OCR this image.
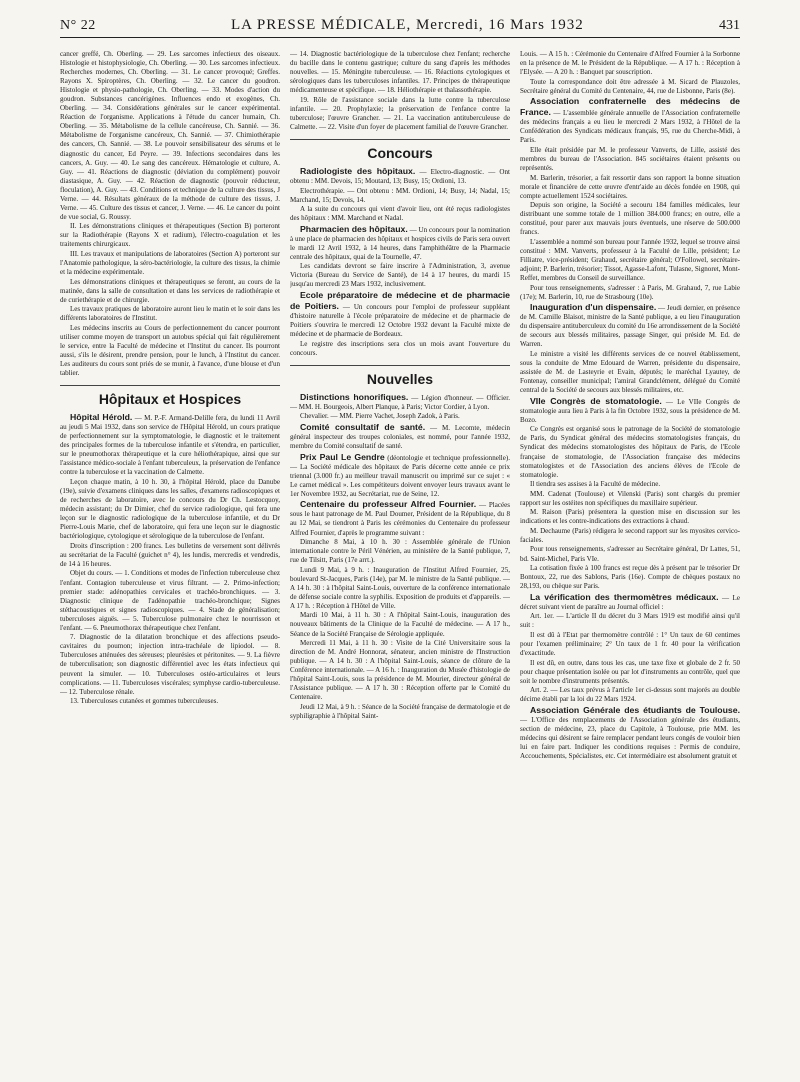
N° 22	LA PRESSE MÉDICALE, Mercredi, 16 Mars 1932	431

cancer greffé, Ch. Oberling. — 29. Les sarcomes infectieux des oiseaux. Histologie et histophysiologie, Ch. Oberling. — 30. Les sarcomes infectieux. Recherches modernes, Ch. Oberling. — 31. Le cancer provoqué; Greffes. Rayons X. Spiroptères, Ch. Oberling. — 32. Le cancer du goudron. Histologie et physio-pathologie, Ch. Oberling. — 33. Modes d'action du goudron. Substances cancérigènes. Influences endo et exogènes, Ch. Oberling. — 34. Considérations générales sur le cancer expérimental. Réaction de l'organisme. Applications à l'étude du cancer humain, Ch. Oberling. — 35. Métabolisme de la cellule cancéreuse, Ch. Sannié. — 36. Métabolisme de l'organisme cancéreux, Ch. Sannié. — 37. Chimiothérapie des cancers, Ch. Sannié. — 38. Le pouvoir sensibilisateur des sérums et le diagnostic du cancer, Ed Peyre. — 39. Infections secondaires dans les cancers, A. Guy. — 40. Le sang des cancéreux. Hématologie et culture, A. Guy. — 41. Réactions de diagnostic (déviation du complément) pouvoir diastasique, A. Guy. — 42. Réaction de diagnostic (pouvoir réducteur, floculation), A. Guy. — 43. Conditions et technique de la culture des tissus, J Verne. — 44. Résultats généraux de la méthode de culture des tissus, J. Verne. — 45. Culture des tissus et cancer, J. Verne. — 46. Le cancer du point de vue social, G. Roussy.

II. Les démonstrations cliniques et thérapeutiques (Section B) porteront sur la Radiothérapie (Rayons X et radium), l'électro-coagulation et les traitements chirurgicaux.

III. Les travaux et manipulations de laboratoires (Section A) porteront sur l'Anatomie pathologique, la séro-bactériologie, la culture des tissus, la chimie et la médecine expérimentale.

Les démonstrations cliniques et thérapeutiques se feront, au cours de la matinée, dans la salle de consultation et dans les services de radiothérapie et de curiethérapie et de chirurgie.

Les travaux pratiques de laboratoire auront lieu le matin et le soir dans les différents laboratoires de l'Institut.

Les médecins inscrits au Cours de perfectionnement du cancer pourront utiliser comme moyen de transport un autobus spécial qui fait régulièrement le service, entre la Faculté de médecine et l'Institut du cancer. Ils pourront aussi, s'ils le désirent, prendre pension, pour le lunch, à l'Institut du cancer. Les auditeurs du cours sont priés de se munir, à l'avance, d'une blouse et d'un tablier.

Hôpitaux et Hospices

Hôpital Hérold. — M. P.-F. Armand-Delille fera, du lundi 11 Avril au jeudi 5 Mai 1932, dans son service de l'Hôpital Hérold, un cours pratique de perfectionnement sur la symptomatologie, le diagnostic et le traitement des principales formes de la tuberculose infantile et s'étendra, en particulier, sur le pneumothorax thérapeutique et la cure héliothérapique, ainsi que sur l'assistance médico-sociale à l'enfant tuberculeux, la préservation de l'enfance contre la tuberculose et la vaccination de Calmette.

Leçon chaque matin, à 10 h. 30, à l'hôpital Hérold, place du Danube (19e), suivie d'examens cliniques dans les salles, d'examens radioscopiques et de recherches de laboratoire, avec le concours du Dr Ch. Lestocquoy, médecin assistant; du Dr Dimier, chef du service radiologique, qui fera une leçon sur le diagnostic radiologique de la tuberculose infantile, et du Dr Pierre-Louis Marie, chef de laboratoire, qui fera une leçon sur le diagnostic bactériologique, cytologique et sérologique de la tuberculose de l'enfant.

Droits d'inscription : 200 francs. Les bulletins de versement sont délivrés au secrétariat de la Faculté (guichet n° 4), les lundis, mercredis et vendredis, de 14 à 16 heures.

Objet du cours. — 1. Conditions et modes de l'infection tuberculeuse chez l'enfant. Contagion tuberculeuse et virus filtrant. — 2. Primo-infection; premier stade: adénopathies cervicales et trachéo-bronchiques. — 3. Diagnostic clinique de l'adénopathie trachéo-bronchique; Signes stéthacoustiques et signes radioscopiques. — 4. Stade de généralisation; tuberculoses aiguës. — 5. Tuberculose pulmonaire chez le nourrisson et l'enfant. — 6. Pneumothorax thérapeutique chez l'enfant.

7. Diagnostic de la dilatation bronchique et des affections pseudo-cavitaires du poumon; injection intra-trachéale de lipiodol. — 8. Tuberculoses atténuées des séreuses; pleurésies et péritonites. — 9. La fièvre de tuberculisation; son diagnostic différentiel avec les états infectieux qui peuvent la simuler. — 10. Tuberculoses ostéo-articulaires et leurs complications. — 11. Tuberculoses viscérales; symphyse cardio-tuberculeuse. — 12. Tuberculose rénale.

13. Tuberculoses cutanées et gommes tuberculeuses.

— 14. Diagnostic bactériologique de la tuberculose chez l'enfant; recherche du bacille dans le contenu gastrique; culture du sang d'après les méthodes nouvelles. — 15. Méningite tuberculeuse. — 16. Réactions cytologiques et sérologiques dans les tuberculoses infantiles. 17. Principes de thérapeutique médicamenteuse et spécifique. — 18. Héliothérapie et thalassothérapie.

19. Rôle de l'assistance sociale dans la lutte contre la tuberculose infantile. — 20. Prophylaxie; la préservation de l'enfance contre la tuberculose; l'œuvre Grancher. — 21. La vaccination antituberculeuse de Calmette. — 22. Visite d'un foyer de placement familial de l'œuvre Grancher.

Concours

Radiologiste des hôpitaux. — Electro-diagnostic. — Ont obtenu : MM. Devois, 15; Moutard, 13; Busy, 15; Ordioni, 13.

Electrothérapie. — Ont obtenu : MM. Ordioni, 14; Busy, 14; Nadal, 15; Marchand, 15; Devois, 14.

A la suite du concours qui vient d'avoir lieu, ont été reçus radiologistes des hôpitaux : MM. Marchand et Nadal.

Pharmacien des hôpitaux. — Un concours pour la nomination à une place de pharmacien des hôpitaux et hospices civils de Paris sera ouvert le mardi 12 Avril 1932, à 14 heures, dans l'amphithéâtre de la Pharmacie centrale des hôpitaux, quai de la Tournelle, 47.

Les candidats devront se faire inscrire à l'Administration, 3, avenue Victoria (Bureau du Service de Santé), de 14 à 17 heures, du mardi 15 jusqu'au mercredi 23 Mars 1932, inclusivement.

Ecole préparatoire de médecine et de pharmacie de Poitiers. — Un concours pour l'emploi de professeur suppléant d'histoire naturelle à l'école préparatoire de médecine et de pharmacie de Poitiers s'ouvrira le mercredi 12 Octobre 1932 devant la Faculté mixte de médecine et de pharmacie de Bordeaux.

Le registre des inscriptions sera clos un mois avant l'ouverture du concours.

Nouvelles

Distinctions honorifiques. — Légion d'honneur. — Officier. — MM. H. Bourgeois, Albert Planque, à Paris; Victor Cordier, à Lyon.

Chevalier. — MM. Pierre Vachet, Joseph Zadok, à Paris.

Comité consultatif de santé. — M. Lecomte, médecin général inspecteur des troupes coloniales, est nommé, pour l'année 1932, membre du Comité consultatif de santé.

Prix Paul Le Gendre (déontologie et technique professionnelle). — La Société médicale des hôpitaux de Paris décerne cette année ce prix triennal (3.000 fr.) au meilleur travail manuscrit ou imprimé sur ce sujet : « Le carnet médical ». Les compétiteurs doivent envoyer leurs travaux avant le 1er Novembre 1932, au Secrétariat, rue de Seine, 12.

Centenaire du professeur Alfred Fournier. — Placées sous le haut patronage de M. Paul Doumer, Président de la République, du 8 au 12 Mai, se tiendront à Paris les cérémonies du Centenaire du professeur Alfred Fournier, d'après le programme suivant :

Dimanche 8 Mai, à 10 h. 30 : Assemblée générale de l'Union internationale contre le Péril Vénérien, au ministère de la Santé publique, 7, rue de Tilsitt, Paris (17e arrt.).

Lundi 9 Mai, à 9 h. : Inauguration de l'Institut Alfred Fournier, 25, boulevard St-Jacques, Paris (14e), par M. le ministre de la Santé publique. — A 14 h. 30 : à l'hôpital Saint-Louis, ouverture de la conférence internationale de défense sociale contre la syphilis. Exposition de produits et d'appareils. — A 17 h. : Réception à l'Hôtel de Ville.

Mardi 10 Mai, à 11 h. 30 : A l'hôpital Saint-Louis, inauguration des nouveaux bâtiments de la Clinique de la Faculté de médecine. — A 17 h., Séance de la Société Française de Sérologie appliquée.

Mercredi 11 Mai, à 11 h. 30 : Visite de la Cité Universitaire sous la direction de M. André Honnorat, sénateur, ancien ministre de l'Instruction publique. — A 14 h. 30 : A l'hôpital Saint-Louis, séance de clôture de la Conférence internationale. — A 16 h. : Inauguration du Musée d'histologie de l'hôpital Saint-Louis, sous la présidence de M. Mourier, directeur général de l'Assistance publique. — A 17 h. 30 : Réception offerte par le Comité du Centenaire.

Jeudi 12 Mai, à 9 h. : Séance de la Société française de dermatologie et de syphiligraphie à l'hôpital Saint-

Louis. — A 15 h. : Cérémonie du Centenaire d'Alfred Fournier à la Sorbonne en la présence de M. le Président de la République. — A 17 h. : Réception à l'Elysée. — A 20 h. : Banquet par souscription.

Toute la correspondance doit être adressée à M. Sicard de Plauzoles, Secrétaire général du Comité du Centenaire, 44, rue de Lisbonne, Paris (8e).

Association confraternelle des médecins de France. — L'assemblée générale annuelle de l'Association confraternelle des médecins français a eu lieu le mercredi 2 Mars 1932, à l'Hôtel de la Confédération des Syndicats médicaux français, 95, rue du Cherche-Midi, à Paris.

Elle était présidée par M. le professeur Vanverts, de Lille, assisté des membres du bureau de l'Association. 845 sociétaires étaient présents ou représentés.

M. Barlerin, trésorier, a fait ressortir dans son rapport la bonne situation morale et financière de cette œuvre d'entr'aide au décès fondée en 1908, qui compte actuellement 1524 sociétaires.

Depuis son origine, la Société a secouru 184 familles médicales, leur distribuant une somme totale de 1 million 384.000 francs; en outre, elle a constitué, pour parer aux mauvais jours éventuels, une réserve de 500.000 francs.

L'assemblée a nommé son bureau pour l'année 1932, lequel se trouve ainsi constitué : MM. Vanverts, professeur à la Faculté de Lille, président; Le Filliatre, vice-président; Grahaud, secrétaire général; O'Followel, secrétaire-adjoint; P. Barlerin, trésorier; Tissot, Agasse-Lafont, Tulasne, Signoret, Mont-Reffet, membres du Conseil de surveillance.

Pour tous renseignements, s'adresser : à Paris, M. Grahaud, 7, rue Labie (17e); M. Barlerin, 10, rue de Strasbourg (10e).

Inauguration d'un dispensaire. — Jeudi dernier, en présence de M. Camille Blaisot, ministre de la Santé publique, a eu lieu l'inauguration du dispensaire antituberculeux du comité du 16e arrondissement de la Société de secours aux blessés militaires, passage Singer, qui préside M. Ed. de Warren.

Le ministre a visité les différents services de ce nouvel établissement, sous la conduite de Mme Edouard de Warren, présidente du dispensaire, assistée de M. de Lasteyrie et Evain, députés; le maréchal Lyautey, de Fontenay, conseiller municipal; l'amiral Grandclément, délégué du Comité central de la Société de secours aux blessés militaires, etc.

VIIe Congrès de stomatologie. — Le VIIe Congrès de stomatologie aura lieu à Paris à la fin Octobre 1932, sous la présidence de M. Bozo.

Ce Congrès est organisé sous le patronage de la Société de stomatologie de Paris, du Syndicat général des médecins stomatologistes français, du Syndicat des médecins stomatologistes des hôpitaux de Paris, de l'Ecole française de stomatologie, de l'Association française des médecins stomatologistes et de l'Association des anciens élèves de l'Ecole de stomatologie.

Il tiendra ses assises à la Faculté de médecine.

MM. Cadenat (Toulouse) et Vilenski (Paris) sont chargés du premier rapport sur les ostéites non spécifiques du maxillaire supérieur.

M. Raison (Paris) présentera la question mise en discussion sur les indications et les contre-indications des extractions à chaud.

M. Dechaume (Paris) rédigera le second rapport sur les myosites cervico-faciales.

Pour tous renseignements, s'adresser au Secrétaire général, Dr Lattes, 51, bd. Saint-Michel, Paris VIe.

La cotisation fixée à 100 francs est reçue dès à présent par le trésorier Dr Bontoux, 22, rue des Sablons, Paris (16e). Compte de chèques postaux no 28,193, ou chèque sur Paris.

La vérification des thermomètres médicaux. — Le décret suivant vient de paraître au Journal officiel :

Art. 1er. — L'article II du décret du 3 Mars 1919 est modifié ainsi qu'il suit :

Il est dû à l'Etat par thermomètre contrôlé : 1° Un taux de 60 centimes pour l'examen préliminaire; 2° Un taux de 1 fr. 40 pour la vérification d'exactitude.

Il est dû, en outre, dans tous les cas, une taxe fixe et globale de 2 fr. 50 pour chaque présentation isolée ou par lot d'instruments au contrôle, quel que soit le nombre d'instruments présentés.

Art. 2. — Les taux prévus à l'article 1er ci-dessus sont majorés au double décime établi par la loi du 22 Mars 1924.

Association Générale des étudiants de Toulouse. — L'Office des remplacements de l'Association générale des étudiants, section de médecine, 23, place du Capitole, à Toulouse, prie MM. les médecins qui désirent se faire remplacer pendant leurs congés de vouloir bien lui en faire part. Indiquer les conditions requises : Permis de conduire, Accouchements, Spécialistes, etc. Cet intermédiaire est absolument gratuit et
